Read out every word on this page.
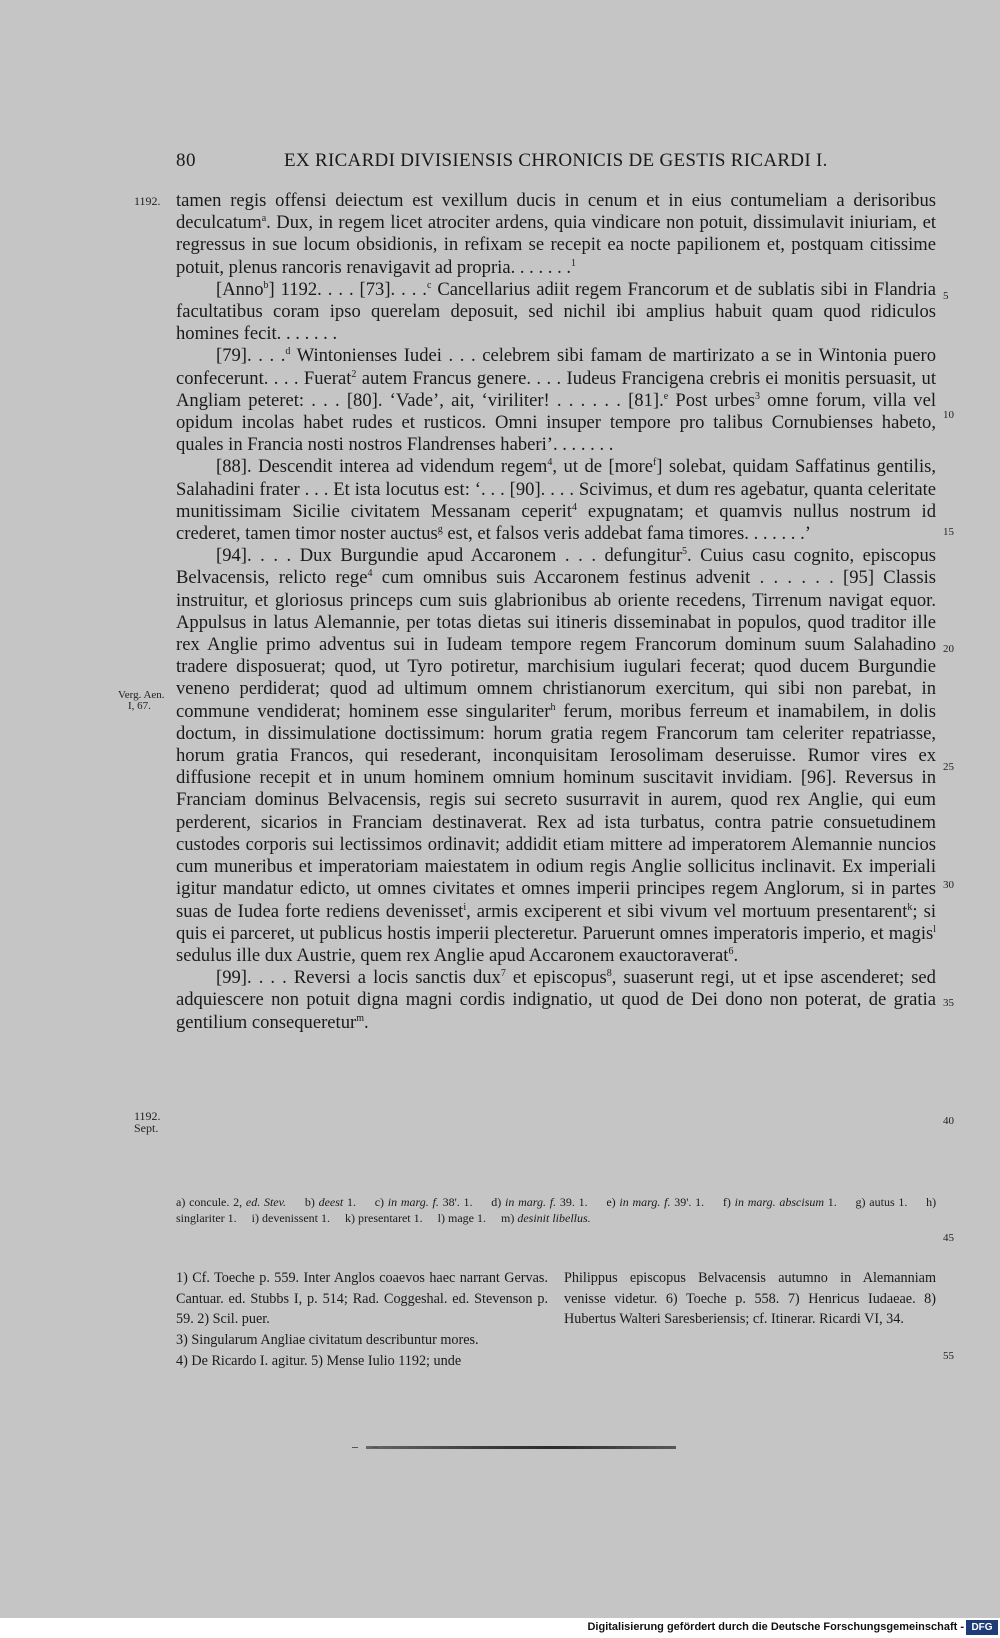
80	EX RICARDI DIVISIENSIS CHRONICIS DE GESTIS RICARDI I.
1192.
Verg. Aen.
I, 67.
1192.
Sept.
5
10
15
20
25
30
35
40
45
55

tamen regis offensi deiectum est vexillum ducis in cenum et in eius contumeliam a derisoribus deculcatum$^a$. Dux, in regem licet atrociter ardens, quia vindicare non potuit, dissimulavit iniuriam, et regressus in sue locum obsidionis, in refixam se recepit ea nocte papilionem et, postquam citissime potuit, plenus rancoris renavigavit ad propria. . . . . . .$^1$

[Anno$^b$] 1192. . . . [73]. . . .$^c$ Cancellarius adiit regem Francorum et de sublatis sibi in Flandria facultatibus coram ipso querelam deposuit, sed nichil ibi amplius habuit quam quod ridiculos homines fecit. . . . . . .

[79]. . . .$^d$ Wintonienses Iudei . . . celebrem sibi famam de martirizato a se in Wintonia puero confecerunt. . . . Fuerat$^2$ autem Francus genere. . . . Iudeus Francigena crebris ei monitis persuasit, ut Angliam peteret: . . . [80]. ‘Vade’, ait, ‘viriliter! . . . . . . [81].$^e$ Post urbes$^3$ omne forum, villa vel opidum incolas habet rudes et rusticos. Omni insuper tempore pro talibus Cornubienses habeto, quales in Francia nosti nostros Flandrenses haberi’. . . . . . .

[88]. Descendit interea ad videndum regem$^4$, ut de [more$^f$] solebat, quidam Saffatinus gentilis, Salahadini frater . . . Et ista locutus est: ‘. . . [90]. . . . Scivimus, et dum res agebatur, quanta celeritate munitissimam Sicilie civitatem Messanam ceperit$^4$ expugnatam; et quamvis nullus nostrum id crederet, tamen timor noster auctus$^g$ est, et falsos veris addebat fama timores. . . . . . .’

[94]. . . . Dux Burgundie apud Accaronem . . . defungitur$^5$. Cuius casu cognito, episcopus Belvacensis, relicto rege$^4$ cum omnibus suis Accaronem festinus advenit . . . . . . [95] Classis instruitur, et gloriosus princeps cum suis glabrionibus ab oriente recedens, Tirrenum navigat equor. Appulsus in latus Alemannie, per totas dietas sui itineris disseminabat in populos, quod traditor ille rex Anglie primo adventus sui in Iudeam tempore regem Francorum dominum suum Salahadino tradere disposuerat; quod, ut Tyro potiretur, marchisium iugulari fecerat; quod ducem Burgundie veneno perdiderat; quod ad ultimum omnem christianorum exercitum, qui sibi non parebat, in commune vendiderat; hominem esse singulariter$^h$ ferum, moribus ferreum et inamabilem, in dolis doctum, in dissimulatione doctissimum: horum gratia regem Francorum tam celeriter repatriasse, horum gratia Francos, qui resederant, inconquisitam Ierosolimam deseruisse. Rumor vires ex diffusione recepit et in unum hominem omnium hominum suscitavit invidiam. [96]. Reversus in Franciam dominus Belvacensis, regis sui secreto susurravit in aurem, quod rex Anglie, qui eum perderent, sicarios in Franciam destinaverat. Rex ad ista turbatus, contra patrie consuetudinem custodes corporis sui lectissimos ordinavit; addidit etiam mittere ad imperatorem Alemannie nuncios cum muneribus et imperatoriam maiestatem in odium regis Anglie sollicitus inclinavit. Ex imperiali igitur mandatur edicto, ut omnes civitates et omnes imperii principes regem Anglorum, si in partes suas de Iudea forte rediens devenisset$^i$, armis exciperent et sibi vivum vel mortuum presentarent$^k$; si quis ei parceret, ut publicus hostis imperii plecteretur. Paruerunt omnes imperatoris imperio, et magis$^l$ sedulus ille dux Austrie, quem rex Anglie apud Accaronem exauctoraverat$^6$.

[99]. . . . Reversi a locis sanctis dux$^7$ et episcopus$^8$, suaserunt regi, ut et ipse ascenderet; sed adquiescere non potuit digna magni cordis indignatio, ut quod de Dei dono non poterat, de gratia gentilium consequeretur$^m$.

a) concule. 2, ed. Stev. b) deest 1. c) in marg. f. 38'. 1. d) in marg. f. 39. 1. e) in marg. f. 39'. 1. f) in marg. abscisum 1. g) autus 1. h) singlariter 1. i) devenissent 1. k) presentaret 1. l) mage 1. m) desinit libellus.
1) Cf. Toeche p. 559. Inter Anglos coaevos haec narrant Gervas. Cantuar. ed. Stubbs I, p. 514; Rad. Coggeshal. ed. Stevenson p. 59. 2) Scil. puer.
3) Singularum Angliae civitatum describuntur mores.
4) De Ricardo I. agitur. 5) Mense Iulio 1192; unde
Philippus episcopus Belvacensis autumno in Alemanniam venisse videtur. 6) Toeche p. 558. 7) Henricus Iudaeae. 8) Hubertus Walteri Saresberiensis; cf. Itinerar. Ricardi VI, 34.
Digitalisierung gefördert durch die Deutsche Forschungsgemeinschaft - DFG
